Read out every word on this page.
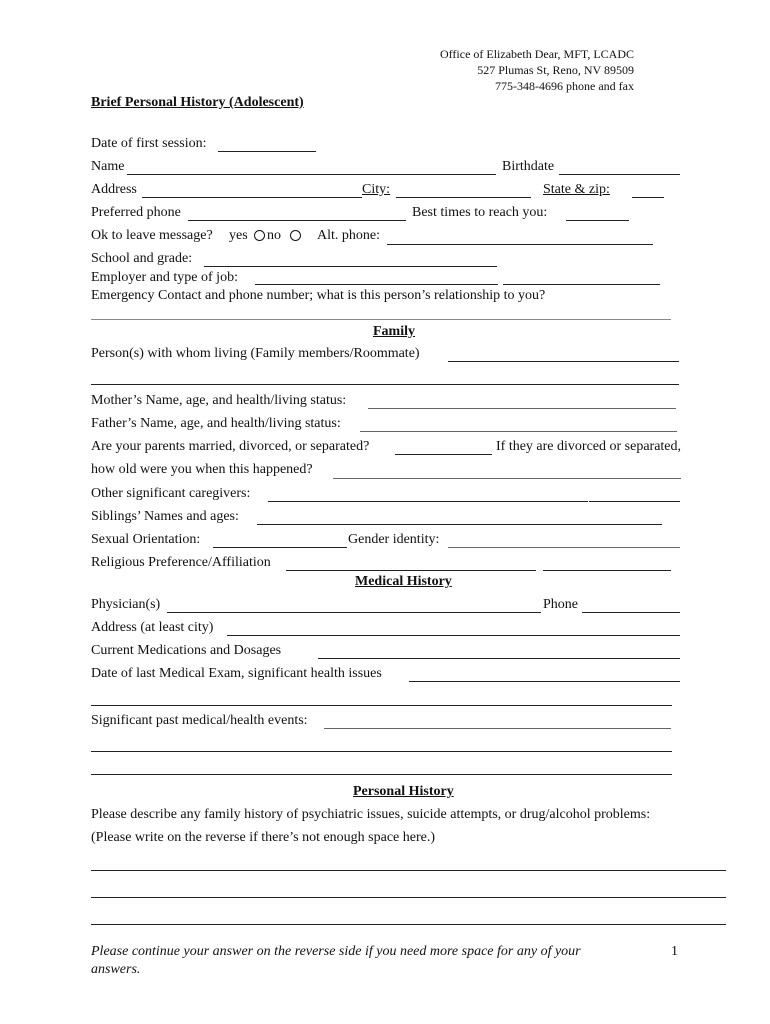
Office of Elizabeth Dear, MFT, LCADC
527 Plumas St, Reno, NV 89509
775-348-4696 phone and fax
Brief Personal History (Adolescent)
Date of first session:
Name	Birthdate
Address	City:	State & zip:
Preferred phone	Best times to reach you:
Ok to leave message? yes no	Alt. phone:
School and grade:
Employer and type of job:
Emergency Contact and phone number; what is this person’s relationship to you?
Family
Person(s) with whom living (Family members/Roommate)
Mother’s Name, age, and health/living status:
Father’s Name, age, and health/living status:
Are your parents married, divorced, or separated?	If they are divorced or separated,
how old were you when this happened?
Other significant caregivers:
Siblings’ Names and ages:
Sexual Orientation:	Gender identity:
Religious Preference/Affiliation
Medical History
Physician(s)	Phone
Address (at least city)
Current Medications and Dosages
Date of last Medical Exam, significant health issues
Significant past medical/health events:
Personal History
Please describe any family history of psychiatric issues, suicide attempts, or drug/alcohol problems:
(Please write on the reverse if there’s not enough space here.)
Please continue your answer on the reverse side if you need more space for any of your
answers.
1
